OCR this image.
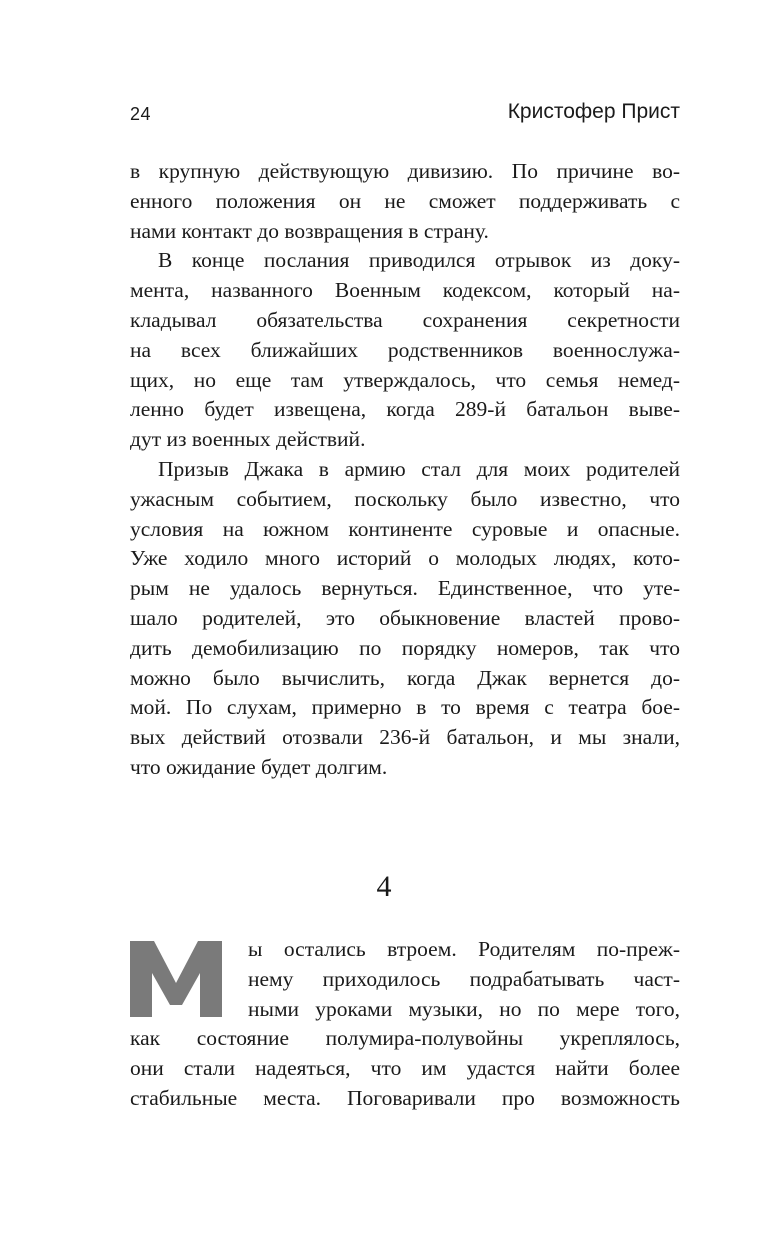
24	Кристофер Прист
в крупную действующую дивизию. По причине во-
енного положения он не сможет поддерживать с
нами контакт до возвращения в страну.
В конце послания приводился отрывок из доку-
мента, названного Военным кодексом, который на-
кладывал обязательства сохранения секретности
на всех ближайших родственников военнослужа-
щих, но еще там утверждалось, что семья немед-
ленно будет извещена, когда 289-й батальон выве-
дут из военных действий.
Призыв Джака в армию стал для моих родителей
ужасным событием, поскольку было известно, что
условия на южном континенте суровые и опасные.
Уже ходило много историй о молодых людях, кото-
рым не удалось вернуться. Единственное, что уте-
шало родителей, это обыкновение властей прово-
дить демобилизацию по порядку номеров, так что
можно было вычислить, когда Джак вернется до-
мой. По слухам, примерно в то время с театра бое-
вых действий отозвали 236-й батальон, и мы знали,
что ожидание будет долгим.
4
ы остались втроем. Родителям по-преж-
нему приходилось подрабатывать част-
ными уроками музыки, но по мере того,
как состояние полумира-полувойны укреплялось,
они стали надеяться, что им удастся найти более
стабильные места. Поговаривали про возможность
